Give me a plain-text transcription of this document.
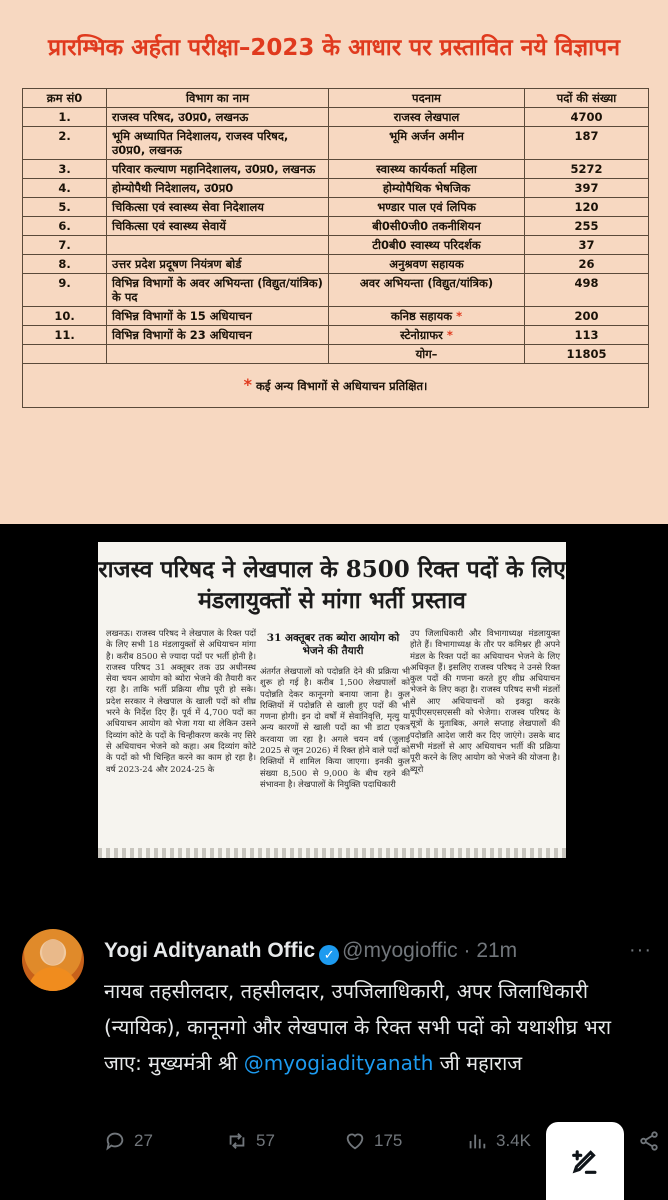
प्रारम्भिक अर्हता परीक्षा–2023 के आधार पर प्रस्तावित नये विज्ञापन
क्रम सं0	विभाग का नाम	पदनाम	पदों की संख्या
1.	राजस्व परिषद, उ0प्र0, लखनऊ	राजस्व लेखपाल	4700
2.	भूमि अध्यापित निदेशालय, राजस्व परिषद, उ0प्र0, लखनऊ	भूमि अर्जन अमीन	187
3.	परिवार कल्याण महानिदेशालय, उ0प्र0, लखनऊ	स्वास्थ्य कार्यकर्ता महिला	5272
4.	होम्योपैथी निदेशालय, उ0प्र0	होम्योपैथिक भेषजिक	397
5.	चिकित्सा एवं स्वास्थ्य सेवा निदेशालय	भण्डार पाल एवं लिपिक	120
6.	चिकित्सा एवं स्वास्थ्य सेवायें	बी0सी0जी0 तकनीशियन	255
7.		टी0बी0 स्वास्थ्य परिदर्शक	37
8.	उत्तर प्रदेश प्रदूषण नियंत्रण बोर्ड	अनुश्रवण सहायक	26
9.	विभिन्न विभागों के अवर अभियन्ता (विद्युत/यांत्रिक) के पद	अवर अभियन्ता (विद्युत/यांत्रिक)	498
10.	विभिन्न विभागों के 15 अधियाचन	कनिष्ठ सहायक *	200
11.	विभिन्न विभागों के 23 अधियाचन	स्टेनोग्राफर *	113
		योग–	11805
* कई अन्य विभागों से अधियाचन प्रतिक्षित।			
राजस्व परिषद ने लेखपाल के 8500 रिक्त पदों के लिए मंडलायुक्तों से मांगा भर्ती प्रस्ताव
लखनऊ। राजस्व परिषद ने लेखपाल के रिक्त पदों के लिए सभी 18 मंडलायुक्तों से अधियाचन मांगा है। करीब 8500 से ज्यादा पदों पर भर्ती होनी है। राजस्व परिषद 31 अक्तूबर तक उप्र अधीनस्थ सेवा चयन आयोग को ब्योरा भेजने की तैयारी कर रहा है। ताकि भर्ती प्रक्रिया शीघ्र पूरी हो सके। प्रदेश सरकार ने लेखपाल के खाली पदों को शीघ्र भरने के निर्देश दिए हैं। पूर्व में 4,700 पदों का अधियाचन आयोग को भेजा गया था लेकिन उसने दिव्यांग कोटे के पदों के चिन्हीकरण करके नए सिरे से अधियाचन भेजने को कहा। अब दिव्यांग कोटे के पदों को भी चिन्हित करने का काम हो रहा है। वर्ष 2023-24 और 2024-25 के
31 अक्तूबर तक ब्योरा आयोग को भेजने की तैयारी
अंतर्गत लेखपालों को पदोन्नति देने की प्रक्रिया भी शुरू हो गई है। करीब 1,500 लेखपालों को पदोन्नति देकर कानूनगो बनाया जाना है। कुल रिक्तियों में पदोन्नति से खाली हुए पदों की भी गणना होगी। इन दो वर्षों में सेवानिवृत्ति, मृत्यु या अन्य कारणों से खाली पदों का भी डाटा एकत्र करवाया जा रहा है। अगले चयन वर्ष (जुलाई 2025 से जून 2026) में रिक्त होने वाले पदों को रिक्तियों में शामिल किया जाएगा। इनकी कुल संख्या 8,500 से 9,000 के बीच रहने की संभावना है। लेखपालों के नियुक्ति पदाधिकारी
उप जिलाधिकारी और विभागाध्यक्ष मंडलायुक्त होते हैं। विभागाध्यक्ष के तौर पर कमिश्नर ही अपने मंडल के रिक्त पदों का अधियाचन भेजने के लिए अधिकृत हैं। इसलिए राजस्व परिषद ने उनसे रिक्त कुल पदों की गणना करते हुए शीघ्र अधियाचन भेजने के लिए कहा है। राजस्व परिषद सभी मंडलों से आए अधियाचनों को इकट्ठा करके यूपीएसएसएससी को भेजेगा। राजस्व परिषद के सूत्रों के मुताबिक, अगले सप्ताह लेखपालों की पदोन्नति आदेश जारी कर दिए जाएंगे। उसके बाद सभी मंडलों से आए अधियाचन भर्ती की प्रक्रिया पूरी करने के लिए आयोग को भेजने की योजना है। ब्यूरो
Yogi Adityanath Offic ✓ @myogioffic · 21m	···
नायब तहसीलदार, तहसीलदार, उपजिलाधिकारी, अपर जिलाधिकारी (न्यायिक), कानूनगो और लेखपाल के रिक्त सभी पदों को यथाशीघ्र भरा जाए: मुख्यमंत्री श्री @myogiadityanath जी महाराज
27	57	175	3.4K
